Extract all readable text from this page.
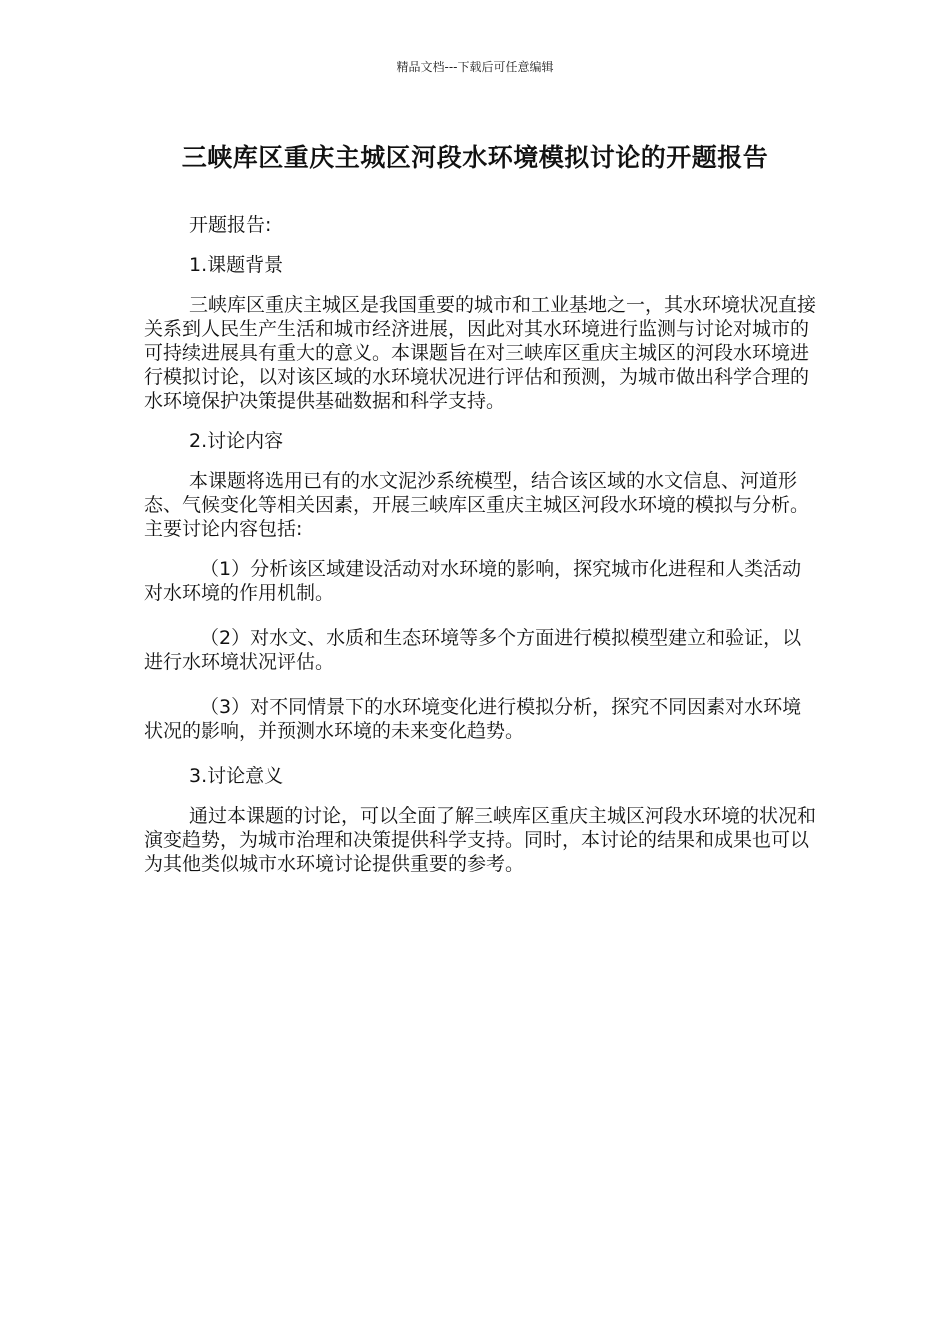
精品文档---下载后可任意编辑
三峡库区重庆主城区河段水环境模拟讨论的开题报告

开题报告:

1.课题背景

三峡库区重庆主城区是我国重要的城市和工业基地之一，其水环境状况直接关系到人民生产生活和城市经济进展，因此对其水环境进行监测与讨论对城市的可持续进展具有重大的意义。本课题旨在对三峡库区重庆主城区的河段水环境进行模拟讨论，以对该区域的水环境状况进行评估和预测，为城市做出科学合理的水环境保护决策提供基础数据和科学支持。

2.讨论内容

本课题将选用已有的水文泥沙系统模型，结合该区域的水文信息、河道形态、气候变化等相关因素，开展三峡库区重庆主城区河段水环境的模拟与分析。主要讨论内容包括:

（1）分析该区域建设活动对水环境的影响，探究城市化进程和人类活动对水环境的作用机制。

（2）对水文、水质和生态环境等多个方面进行模拟模型建立和验证，以进行水环境状况评估。

（3）对不同情景下的水环境变化进行模拟分析，探究不同因素对水环境状况的影响，并预测水环境的未来变化趋势。

3.讨论意义

通过本课题的讨论，可以全面了解三峡库区重庆主城区河段水环境的状况和演变趋势，为城市治理和决策提供科学支持。同时，本讨论的结果和成果也可以为其他类似城市水环境讨论提供重要的参考。
